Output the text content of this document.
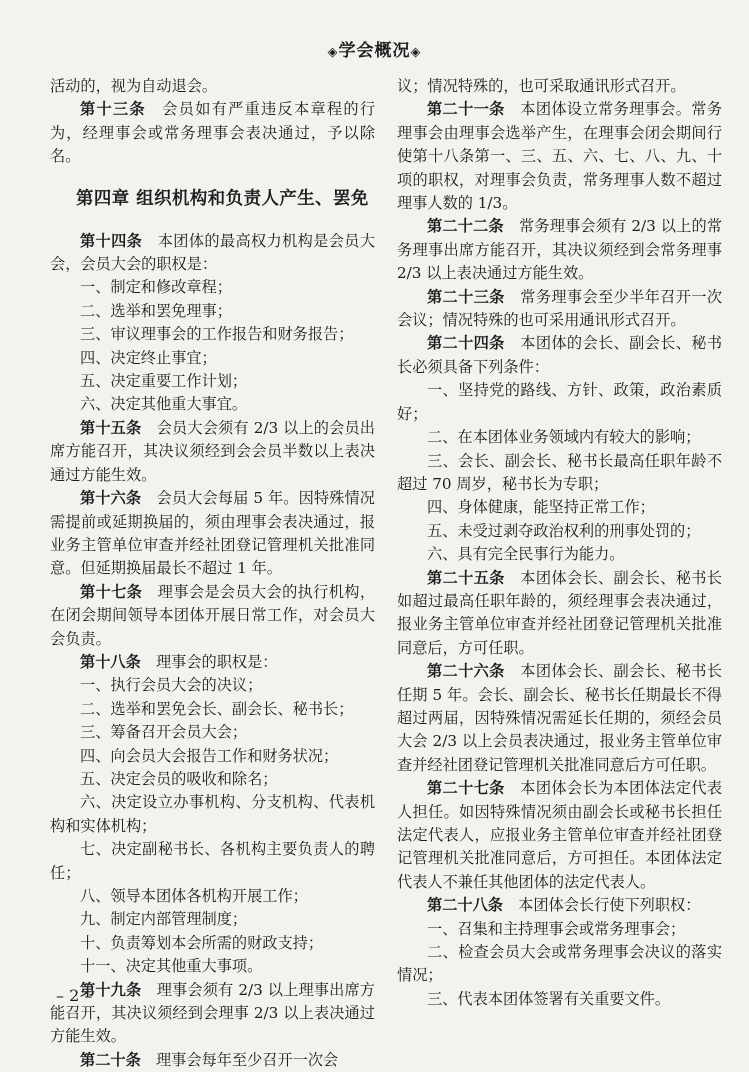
◈学会概况◈

活动的，视为自动退会。

第十三条　会员如有严重违反本章程的行为，经理事会或常务理事会表决通过，予以除名。

第四章 组织机构和负责人产生、罢免

第十四条　本团体的最高权力机构是会员大会，会员大会的职权是：

一、制定和修改章程；

二、选举和罢免理事；

三、审议理事会的工作报告和财务报告；

四、决定终止事宜；

五、决定重要工作计划；

六、决定其他重大事宜。

第十五条　会员大会须有 2/3 以上的会员出席方能召开，其决议须经到会会员半数以上表决通过方能生效。

第十六条　会员大会每届 5 年。因特殊情况需提前或延期换届的，须由理事会表决通过，报业务主管单位审查并经社团登记管理机关批准同意。但延期换届最长不超过 1 年。

第十七条　理事会是会员大会的执行机构，在闭会期间领导本团体开展日常工作，对会员大会负责。

第十八条　理事会的职权是：

一、执行会员大会的决议；

二、选举和罢免会长、副会长、秘书长；

三、筹备召开会员大会；

四、向会员大会报告工作和财务状况；

五、决定会员的吸收和除名；

六、决定设立办事机构、分支机构、代表机构和实体机构；

七、决定副秘书长、各机构主要负责人的聘任；

八、领导本团体各机构开展工作；

九、制定内部管理制度；

十、负责筹划本会所需的财政支持；

十一、决定其他重大事项。

第十九条　理事会须有 2/3 以上理事出席方能召开，其决议须经到会理事 2/3 以上表决通过方能生效。

第二十条　理事会每年至少召开一次会

议；情况特殊的，也可采取通讯形式召开。

第二十一条　本团体设立常务理事会。常务理事会由理事会选举产生，在理事会闭会期间行使第十八条第一、三、五、六、七、八、九、十项的职权，对理事会负责，常务理事人数不超过理事人数的 1/3。

第二十二条　常务理事会须有 2/3 以上的常务理事出席方能召开，其决议须经到会常务理事 2/3 以上表决通过方能生效。

第二十三条　常务理事会至少半年召开一次会议；情况特殊的也可采用通讯形式召开。

第二十四条　本团体的会长、副会长、秘书长必须具备下列条件：

一、坚持党的路线、方针、政策，政治素质好；

二、在本团体业务领域内有较大的影响；

三、会长、副会长、秘书长最高任职年龄不超过 70 周岁，秘书长为专职；

四、身体健康，能坚持正常工作；

五、未受过剥夺政治权利的刑事处罚的；

六、具有完全民事行为能力。

第二十五条　本团体会长、副会长、秘书长如超过最高任职年龄的，须经理事会表决通过，报业务主管单位审查并经社团登记管理机关批准同意后，方可任职。

第二十六条　本团体会长、副会长、秘书长任期 5 年。会长、副会长、秘书长任期最长不得超过两届，因特殊情况需延长任期的，须经会员大会 2/3 以上会员表决通过，报业务主管单位审查并经社团登记管理机关批准同意后方可任职。

第二十七条　本团体会长为本团体法定代表人担任。如因特殊情况须由副会长或秘书长担任法定代表人，应报业务主管单位审查并经社团登记管理机关批准同意后，方可担任。本团体法定代表人不兼任其他团体的法定代表人。

第二十八条　本团体会长行使下列职权：

一、召集和主持理事会或常务理事会；

二、检查会员大会或常务理事会决议的落实情况；

三、代表本团体签署有关重要文件。

– 2 –
